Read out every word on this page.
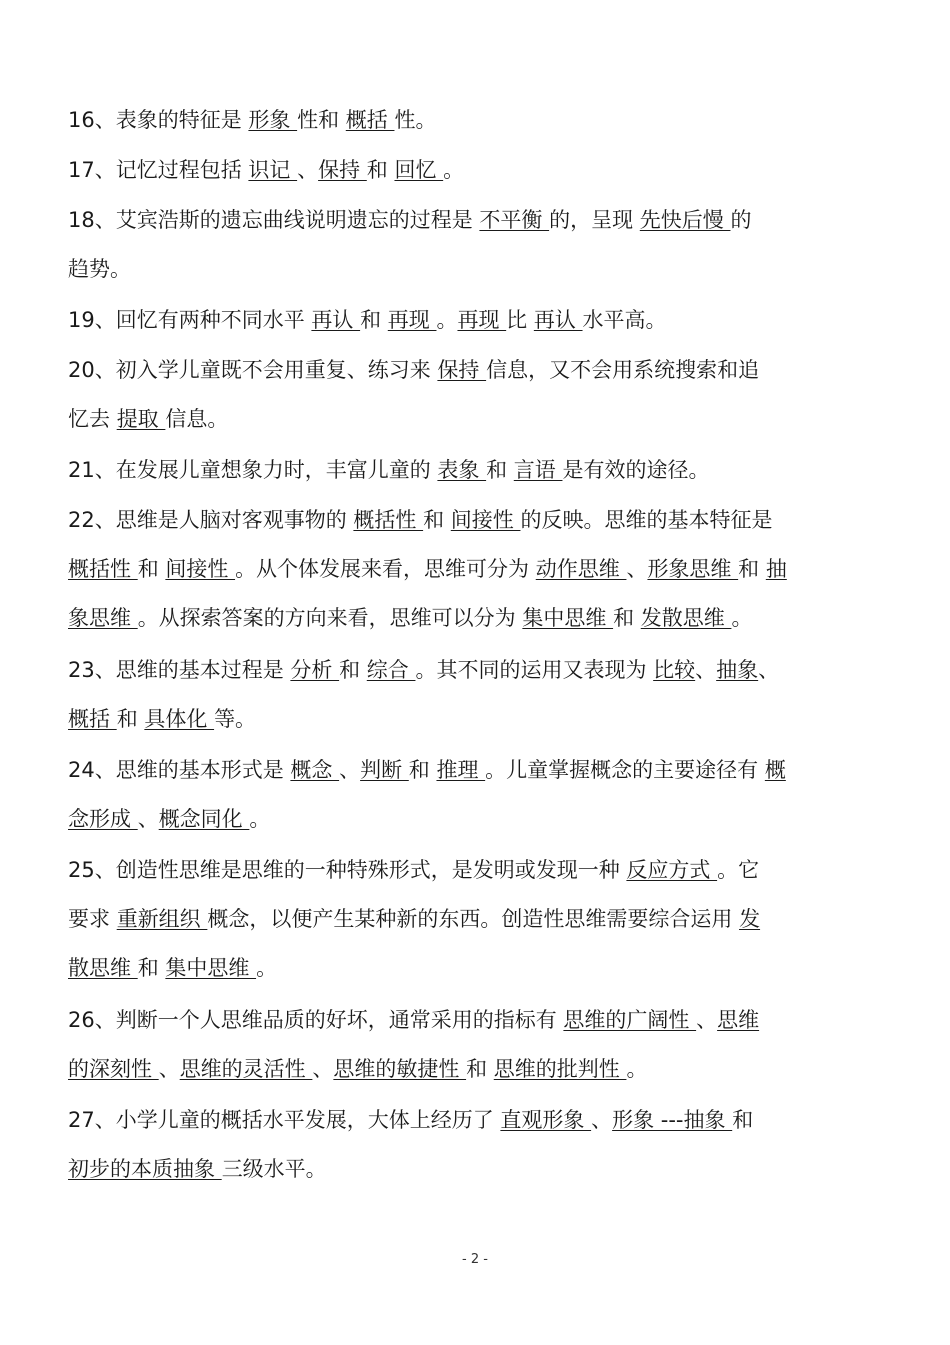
16、表象的特征是 形象 性和 概括 性。
17、记忆过程包括 识记 、保持 和 回忆 。
18、艾宾浩斯的遗忘曲线说明遗忘的过程是 不平衡 的，呈现 先快后慢 的
趋势。
19、回忆有两种不同水平 再认 和 再现 。再现 比 再认 水平高。
20、初入学儿童既不会用重复、练习来 保持 信息，又不会用系统搜索和追
忆去 提取 信息。
21、在发展儿童想象力时，丰富儿童的 表象 和 言语 是有效的途径。
22、思维是人脑对客观事物的 概括性 和 间接性 的反映。思维的基本特征是
概括性 和 间接性 。从个体发展来看，思维可分为 动作思维 、形象思维 和 抽
象思维 。从探索答案的方向来看，思维可以分为 集中思维 和 发散思维 。
23、思维的基本过程是 分析 和 综合 。其不同的运用又表现为 比较、抽象、
概括 和 具体化 等。
24、思维的基本形式是 概念 、判断 和 推理 。儿童掌握概念的主要途径有 概
念形成 、概念同化 。
25、创造性思维是思维的一种特殊形式，是发明或发现一种 反应方式 。它
要求 重新组织 概念，以便产生某种新的东西。创造性思维需要综合运用 发
散思维 和 集中思维 。
26、判断一个人思维品质的好坏，通常采用的指标有 思维的广阔性 、思维
的深刻性 、思维的灵活性 、思维的敏捷性 和 思维的批判性 。
27、小学儿童的概括水平发展，大体上经历了 直观形象 、形象 ---抽象 和
初步的本质抽象 三级水平。
- 2 -
